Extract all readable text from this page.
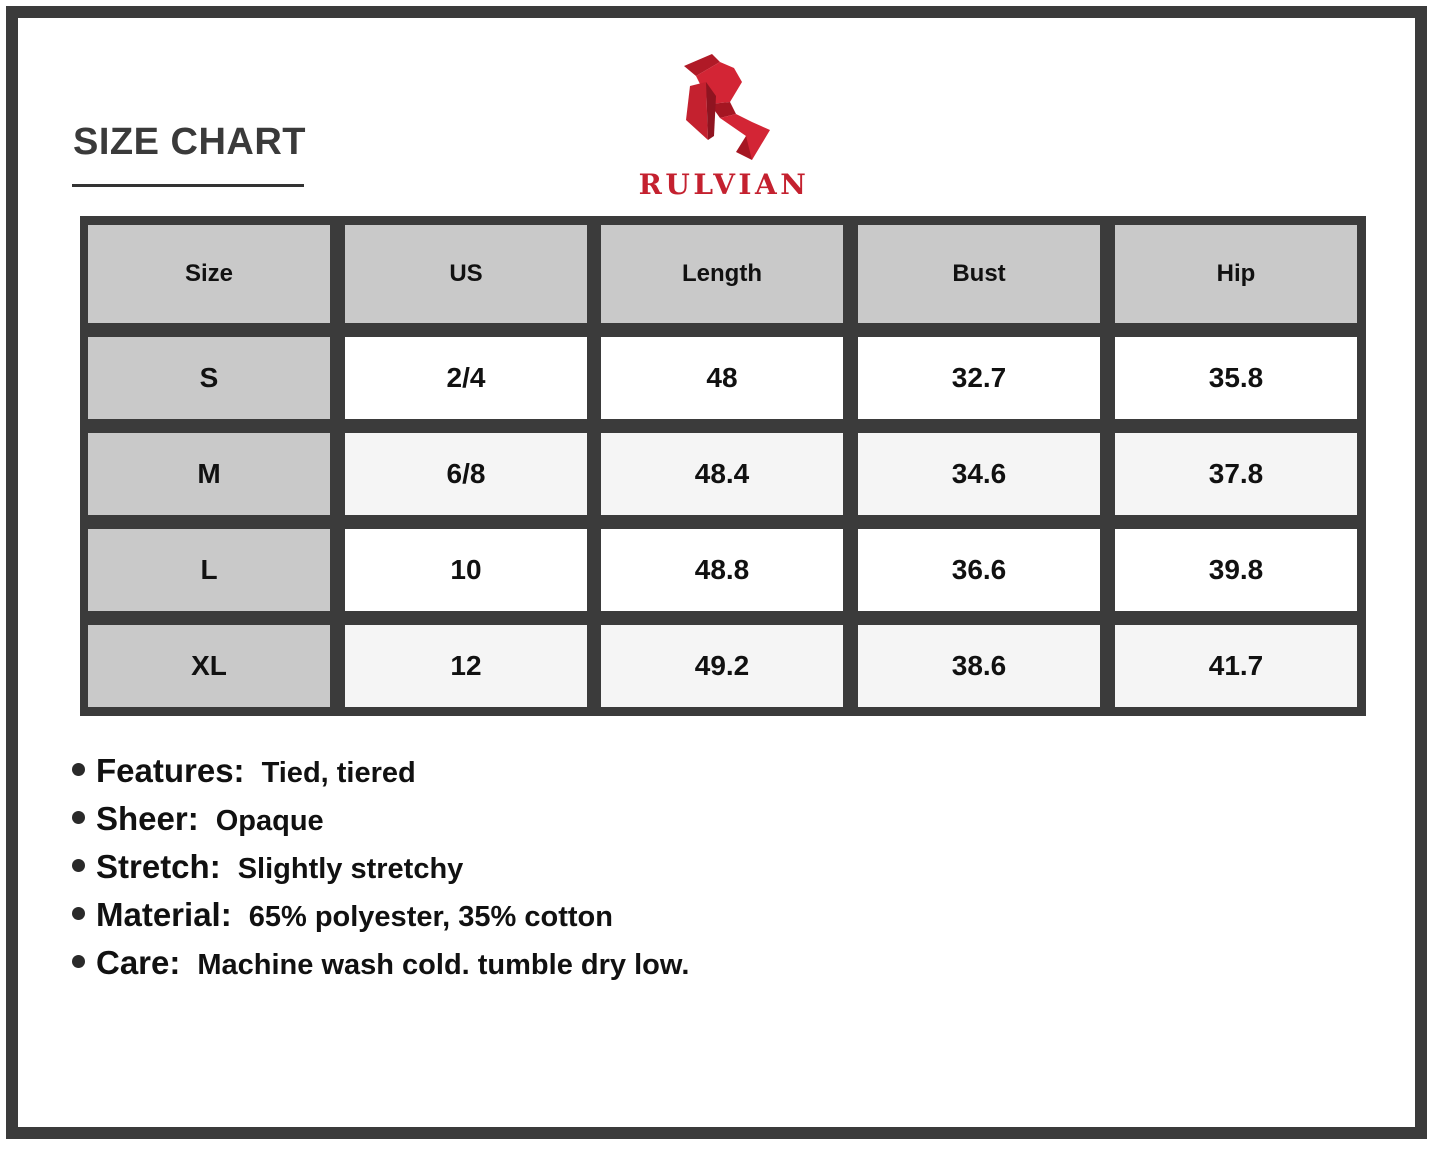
SIZE CHART
RULVIAN
Size	US	Length	Bust	Hip
S	2/4	48	32.7	35.8
M	6/8	48.4	34.6	37.8
L	10	48.8	36.6	39.8
XL	12	49.2	38.6	41.7
Features: Tied, tiered
Sheer: Opaque
Stretch: Slightly stretchy
Material: 65% polyester, 35% cotton
Care: Machine wash cold. tumble dry low.
